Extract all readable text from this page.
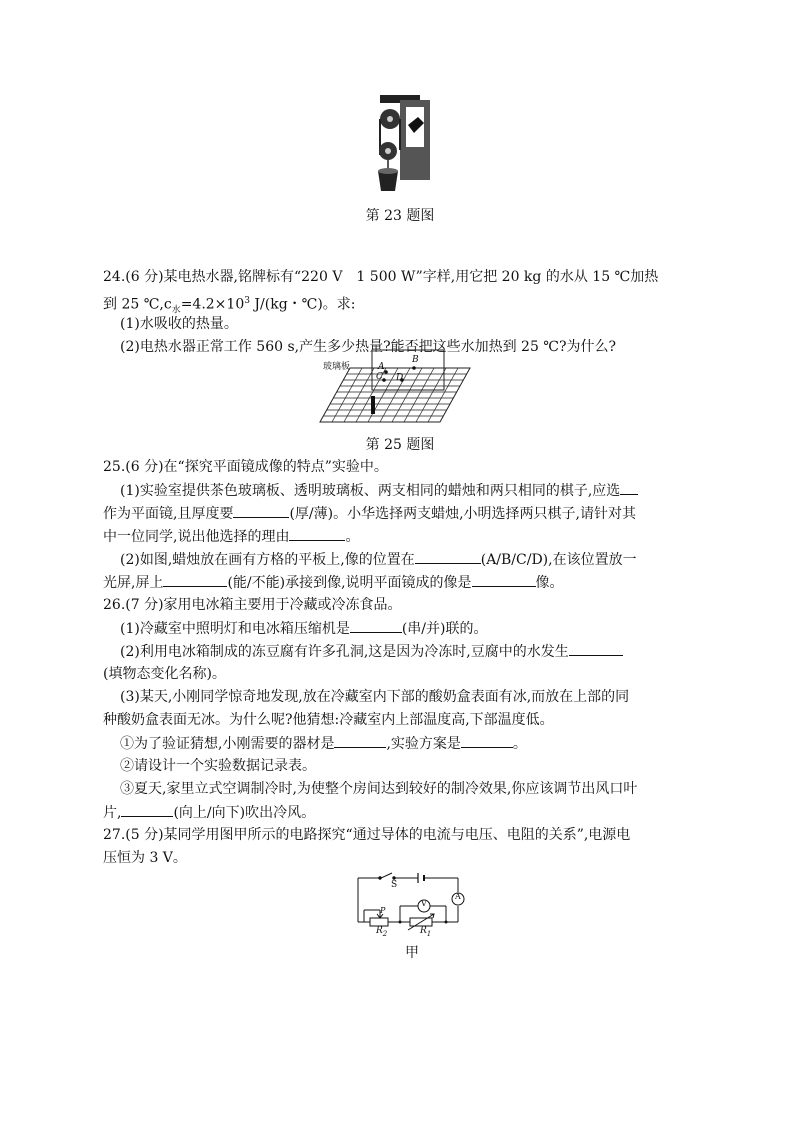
第 23 题图
24.(6 分)某电热水器,铭牌标有“220 V　1 500 W”字样,用它把 20 kg 的水从 15 ℃加热
到 25 $℃,c_水=4.2\times 10^3$ J/(kg・℃)。求:
(1)水吸收的热量。
(2)电热水器正常工作 560 s,产生多少热量?能否把这些水加热到 25 ℃?为什么?
玻璃板	A
B
C D
第 25 题图
25.(6 分)在“探究平面镜成像的特点”实验中。
(1)实验室提供茶色玻璃板、透明玻璃板、两支相同的蜡烛和两只相同的棋子,应选
作为平面镜,且厚度要	(厚/薄)。小华选择两支蜡烛,小明选择两只棋子,请针对其
中一位同学,说出他选择的理由	。
(2)如图,蜡烛放在画有方格的平板上,像的位置在	(A/B/C/D),在该位置放一
光屏,屏上	(能/不能)承接到像,说明平面镜成的像是	像。
26.(7 分)家用电冰箱主要用于冷藏或冷冻食品。
(1)冷藏室中照明灯和电冰箱压缩机是	(串/并)联的。
(2)利用电冰箱制成的冻豆腐有许多孔洞,这是因为冷冻时,豆腐中的水发生
(填物态变化名称)。
(3)某天,小刚同学惊奇地发现,放在冷藏室内下部的酸奶盒表面有冰,而放在上部的同
种酸奶盒表面无冰。为什么呢?他猜想:冷藏室内上部温度高,下部温度低。
①为了验证猜想,小刚需要的器材是	,实验方案是	。
②请设计一个实验数据记录表。
③夏天,家里立式空调制冷时,为使整个房间达到较好的制冷效果,你应该调节出风口叶
片,	(向上/向下)吹出冷风。
27.(5 分)某同学用图甲所示的电路探究“通过导体的电流与电压、电阻的关系”,电源电
压恒为 3 V。
S
A
V
P
$R_2$	$R_1$
甲
